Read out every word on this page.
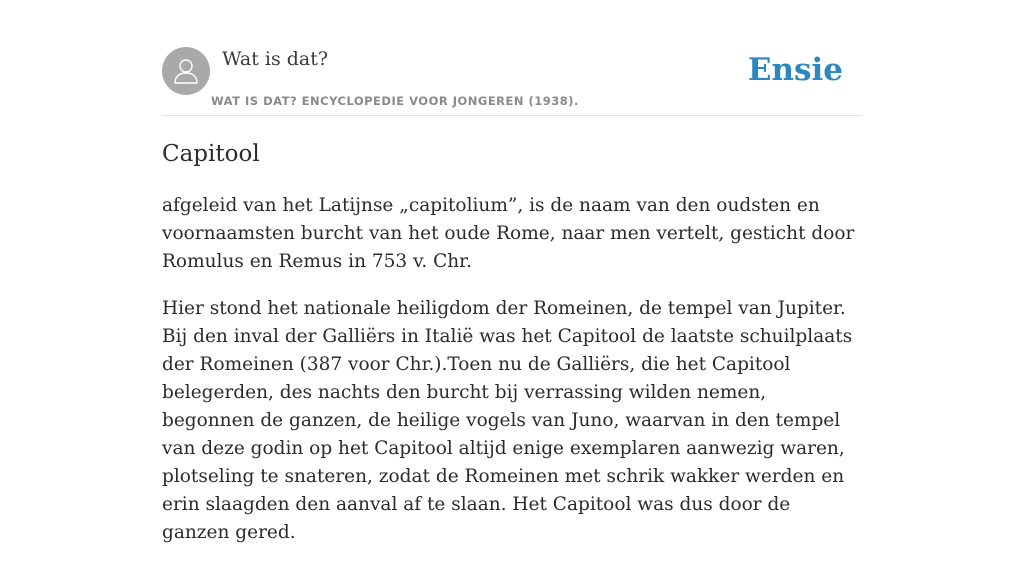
Wat is dat?
WAT IS DAT? ENCYCLOPEDIE VOOR JONGEREN (1938).
Ensie
Capitool

afgeleid van het Latijnse „capitolium”, is de naam van den oudsten en voornaamsten burcht van het oude Rome, naar men vertelt, gesticht door Romulus en Remus in 753 v. Chr.

Hier stond het nationale heiligdom der Romeinen, de tempel van Jupiter. Bij den inval der Galliërs in Italië was het Capitool de laatste schuilplaats der Romeinen (387 voor Chr.).Toen nu de Galliërs, die het Capitool belegerden, des nachts den burcht bij verrassing wilden nemen, begonnen de ganzen, de heilige vogels van Juno, waarvan in den tempel van deze godin op het Capitool altijd enige exemplaren aanwezig waren, plotseling te snateren, zodat de Romeinen met schrik wakker werden en erin slaagden den aanval af te slaan. Het Capitool was dus door de ganzen gered.
